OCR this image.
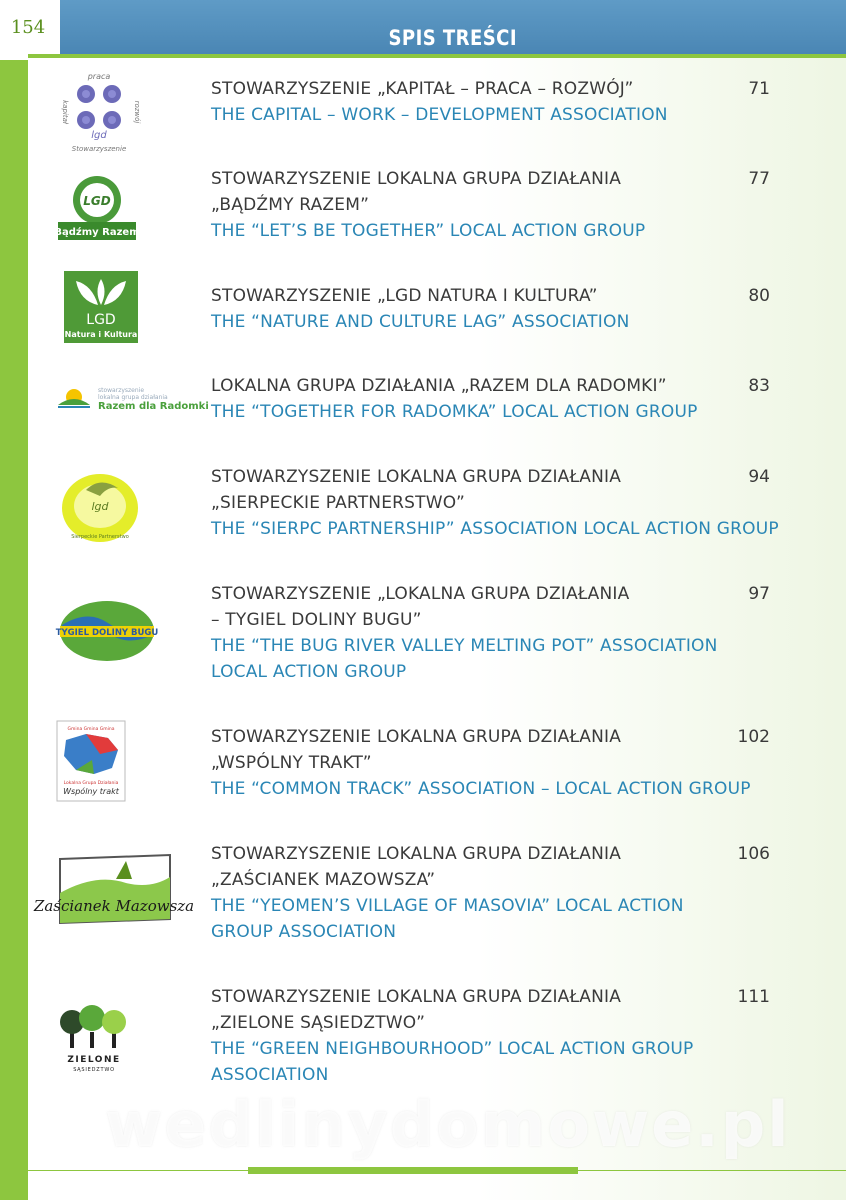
154	SPIS TREŚCI
praca
kapitał	rozwój
lgd
Stowarzyszenie
STOWARZYSZENIE „KAPITAŁ – PRACA – ROZWÓJ”
THE CAPITAL – WORK – DEVELOPMENT ASSOCIATION
71
LGD
Bądźmy Razem
STOWARZYSZENIE LOKALNA GRUPA DZIAŁANIA
„BĄDŹMY RAZEM”
THE “LET’S BE TOGETHER” LOCAL ACTION GROUP
77
LGD
Natura i Kultura
STOWARZYSZENIE „LGD NATURA I KULTURA”
THE “NATURE AND CULTURE LAG” ASSOCIATION
80
stowarzyszenie
lokalna grupa działania
Razem dla Radomki
LOKALNA GRUPA DZIAŁANIA „RAZEM DLA RADOMKI”
THE “TOGETHER FOR RADOMKA” LOCAL ACTION GROUP
83
lgd
Sierpeckie Partnerstwo
STOWARZYSZENIE LOKALNA GRUPA DZIAŁANIA
„SIERPECKIE PARTNERSTWO”
THE “SIERPC PARTNERSHIP” ASSOCIATION LOCAL ACTION GROUP
94
TYGIEL DOLINY BUGU
STOWARZYSZENIE „LOKALNA GRUPA DZIAŁANIA
– TYGIEL DOLINY BUGU”
THE “THE BUG RIVER VALLEY MELTING POT” ASSOCIATION
LOCAL ACTION GROUP
97
Gmina Gmina Gmina
Lokalna Grupa Działania
Wspólny trakt
STOWARZYSZENIE LOKALNA GRUPA DZIAŁANIA
„WSPÓLNY TRAKT”
THE “COMMON TRACK” ASSOCIATION – LOCAL ACTION GROUP
102
Zaścianek Mazowsza
STOWARZYSZENIE LOKALNA GRUPA DZIAŁANIA
„ZAŚCIANEK MAZOWSZA”
THE “YEOMEN’S VILLAGE OF MASOVIA” LOCAL ACTION
GROUP ASSOCIATION
106
ZIELONE
SĄSIEDZTWO
STOWARZYSZENIE LOKALNA GRUPA DZIAŁANIA
„ZIELONE SĄSIEDZTWO”
THE “GREEN NEIGHBOURHOOD” LOCAL ACTION GROUP
ASSOCIATION
111
wedlinydomowe.pl
